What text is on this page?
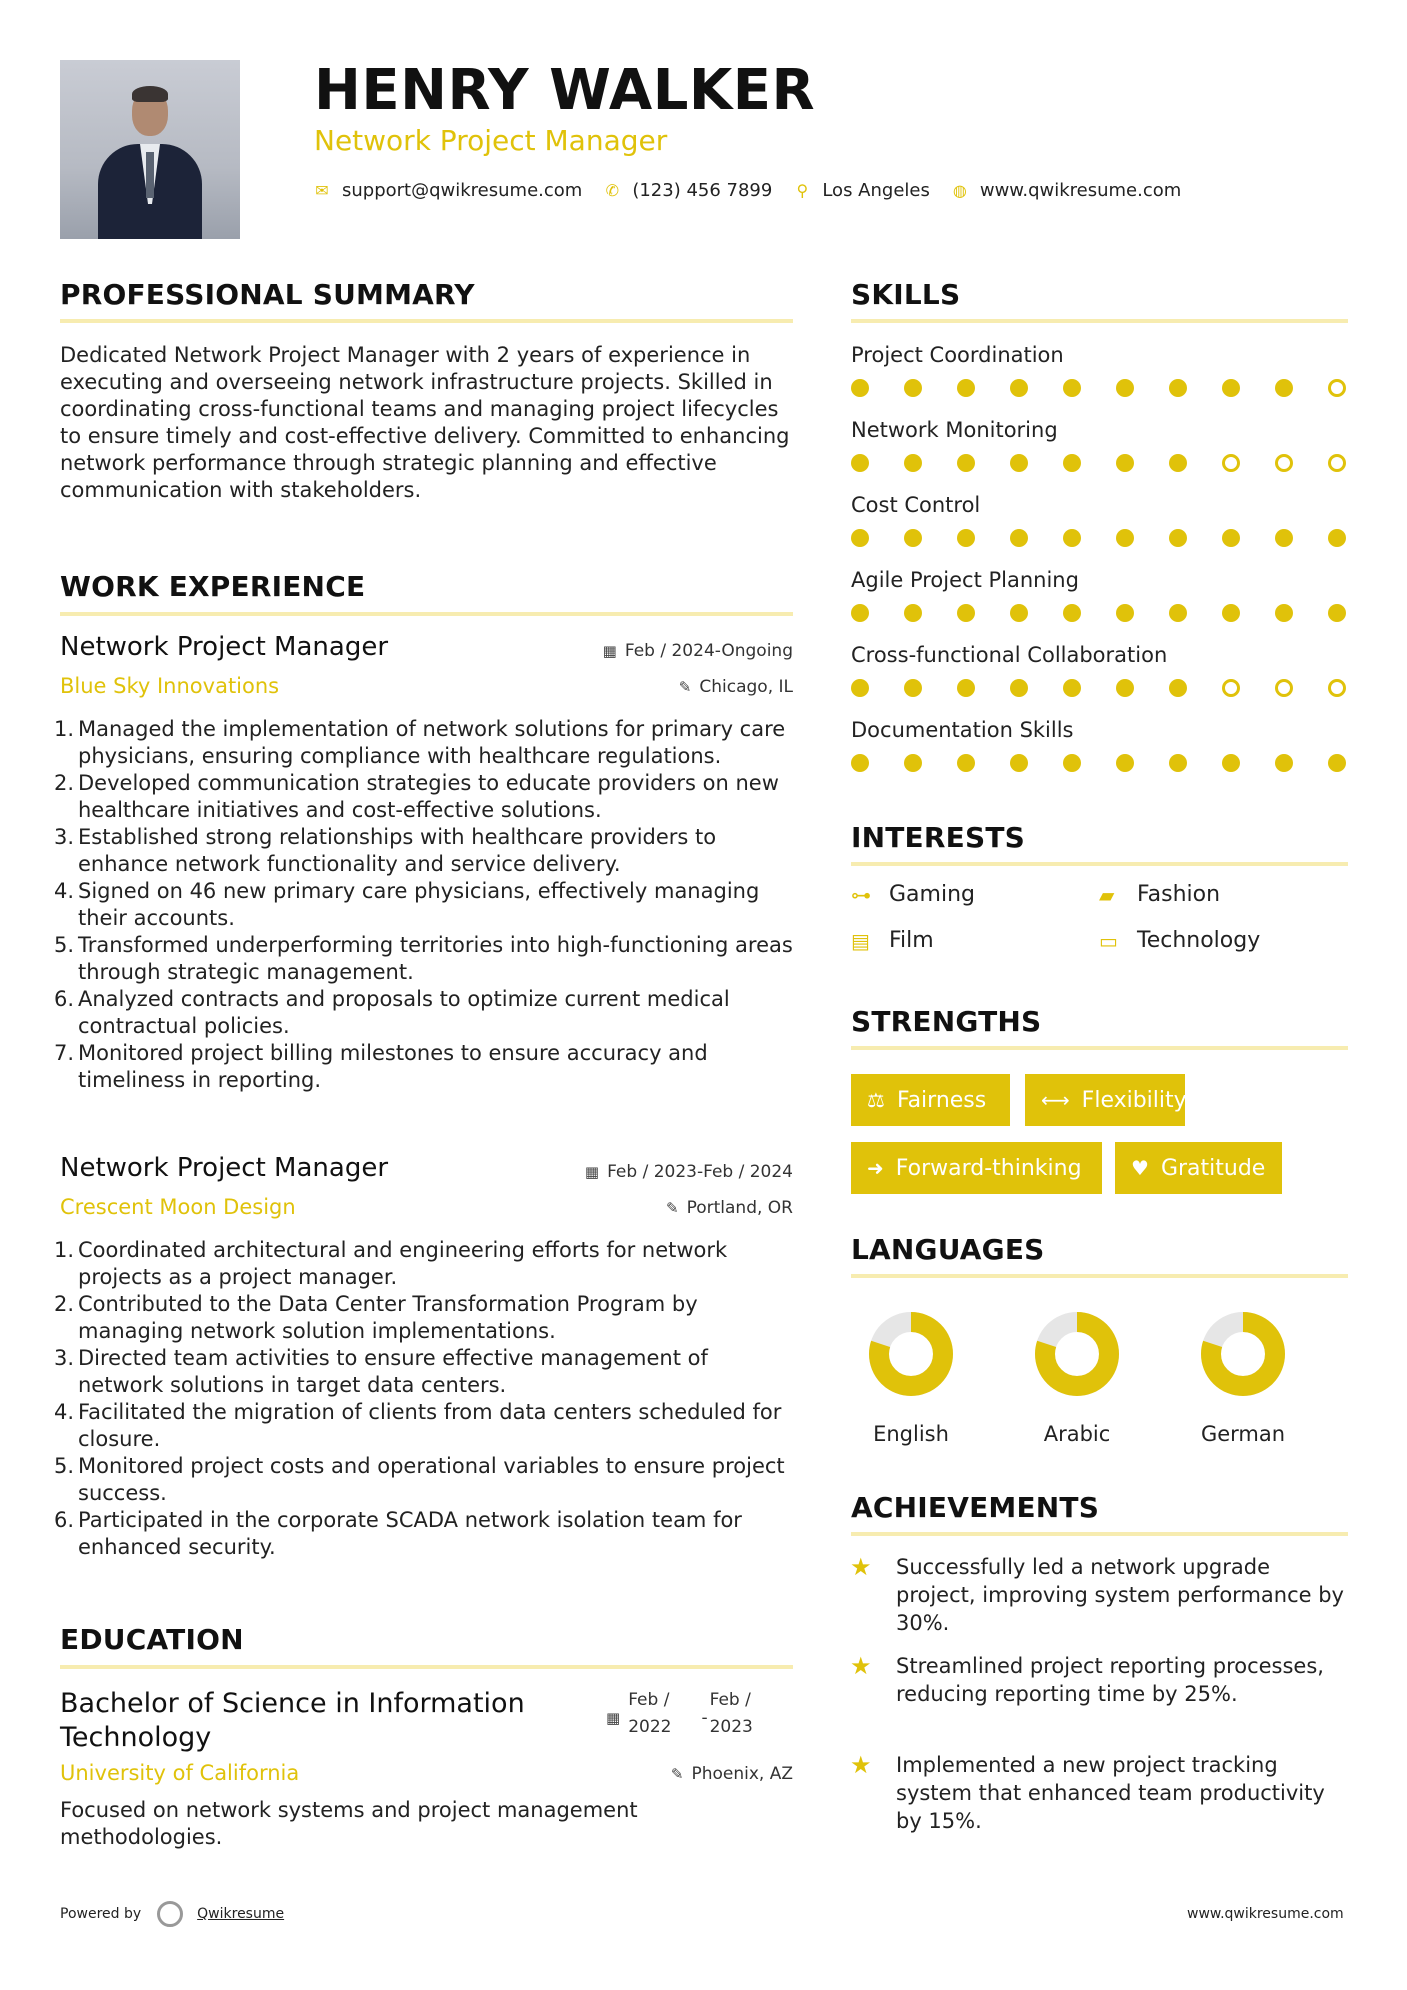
HENRY WALKER
Network Project Manager
✉ support@qwikresume.com ✆ (123) 456 7899 ⚲ Los Angeles ◍ www.qwikresume.com
PROFESSIONAL SUMMARY
Dedicated Network Project Manager with 2 years of experience in executing and overseeing network infrastructure projects. Skilled in coordinating cross-functional teams and managing project lifecycles to ensure timely and cost-effective delivery. Committed to enhancing network performance through strategic planning and effective communication with stakeholders.
WORK EXPERIENCE
Network Project Manager	▦ Feb / 2024-Ongoing
Blue Sky Innovations	✎ Chicago, IL
1. Managed the implementation of network solutions for primary care physicians, ensuring compliance with healthcare regulations.
2. Developed communication strategies to educate providers on new healthcare initiatives and cost-effective solutions.
3. Established strong relationships with healthcare providers to enhance network functionality and service delivery.
4. Signed on 46 new primary care physicians, effectively managing their accounts.
5. Transformed underperforming territories into high-functioning areas through strategic management.
6. Analyzed contracts and proposals to optimize current medical contractual policies.
7. Monitored project billing milestones to ensure accuracy and timeliness in reporting.
Network Project Manager	▦ Feb / 2023-Feb / 2024
Crescent Moon Design	✎ Portland, OR
1. Coordinated architectural and engineering efforts for network projects as a project manager.
2. Contributed to the Data Center Transformation Program by managing network solution implementations.
3. Directed team activities to ensure effective management of network solutions in target data centers.
4. Facilitated the migration of clients from data centers scheduled for closure.
5. Monitored project costs and operational variables to ensure project success.
6. Participated in the corporate SCADA network isolation team for enhanced security.
EDUCATION
Bachelor of Science in Information
Technology
▦
Feb /
2022 -
Feb /
2023
University of California	✎ Phoenix, AZ
Focused on network systems and project management methodologies.
SKILLS
Project Coordination
Network Monitoring
Cost Control
Agile Project Planning
Cross-functional Collaboration
Documentation Skills
INTERESTS
⊶ Gaming	▰	Fashion
▤ Film	▭ Technology
STRENGTHS
⚖ Fairness	⟷ Flexibility
➜ Forward-thinking ♥ Gratitude
LANGUAGES
English	Arabic	German
ACHIEVEMENTS
★	Successfully led a network upgrade project, improving system performance by 30%.
★	Streamlined project reporting processes, reducing reporting time by 25%.
★	Implemented a new project tracking system that enhanced team productivity by 15%.
Powered by	Qwikresume	www.qwikresume.com
